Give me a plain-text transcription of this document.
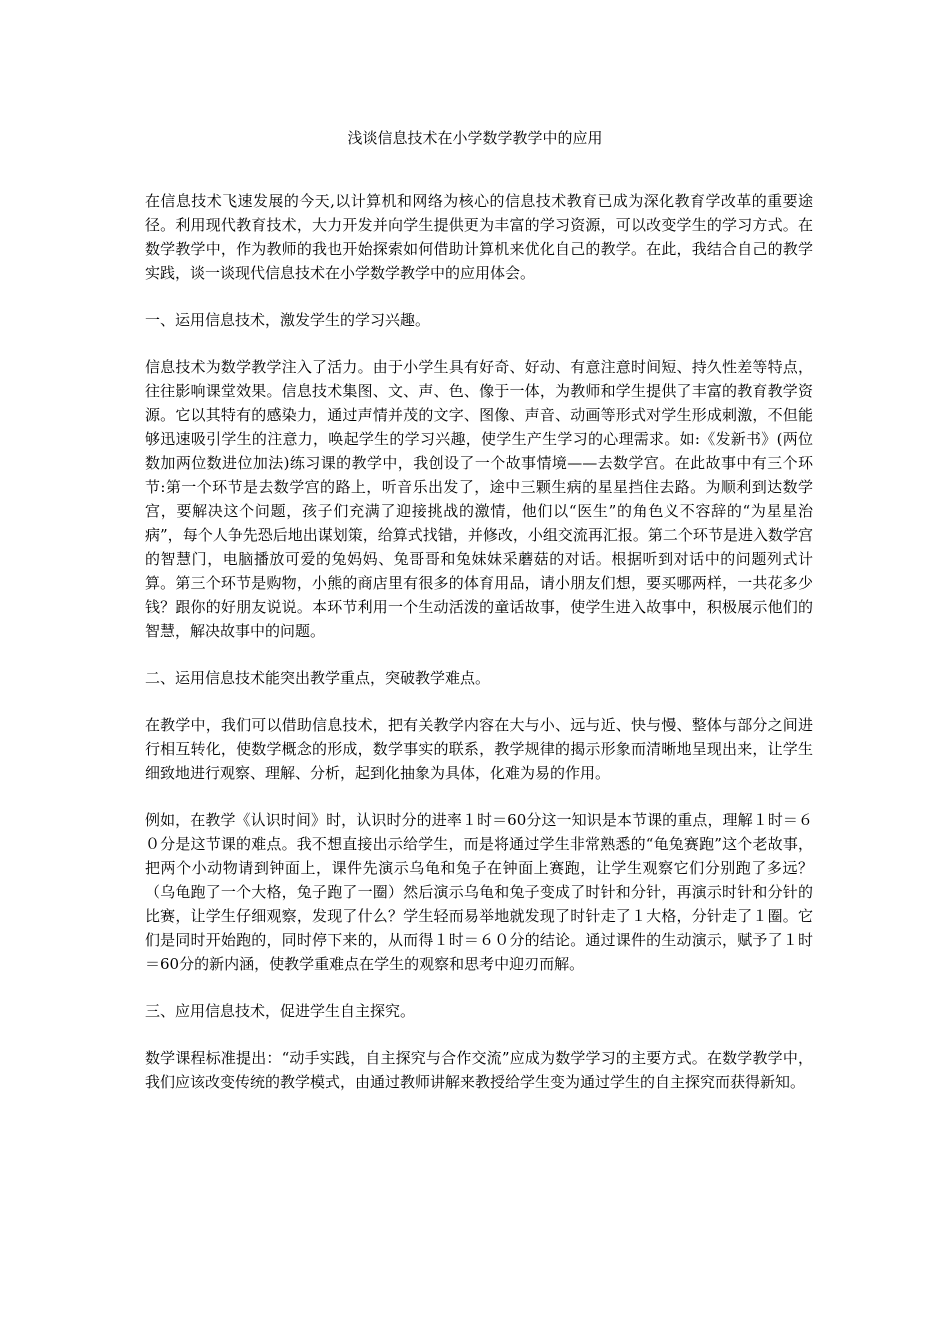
浅谈信息技术在小学数学教学中的应用

在信息技术飞速发展的今天,以计算机和网络为核心的信息技术教育已成为深化教育学改革的重要途径。利用现代教育技术，大力开发并向学生提供更为丰富的学习资源，可以改变学生的学习方式。在数学教学中，作为教师的我也开始探索如何借助计算机来优化自己的教学。在此，我结合自己的教学实践，谈一谈现代信息技术在小学数学教学中的应用体会。

一、运用信息技术，激发学生的学习兴趣。

信息技术为数学教学注入了活力。由于小学生具有好奇、好动、有意注意时间短、持久性差等特点，往往影响课堂效果。信息技术集图、文、声、色、像于一体，为教师和学生提供了丰富的教育教学资源。它以其特有的感染力，通过声情并茂的文字、图像、声音、动画等形式对学生形成刺激，不但能够迅速吸引学生的注意力，唤起学生的学习兴趣，使学生产生学习的心理需求。如:《发新书》(两位数加两位数进位加法)练习课的教学中，我创设了一个故事情境——去数学宫。在此故事中有三个环节:第一个环节是去数学宫的路上，听音乐出发了，途中三颗生病的星星挡住去路。为顺利到达数学宫，要解决这个问题，孩子们充满了迎接挑战的激情，他们以“医生”的角色义不容辞的“为星星治病”，每个人争先恐后地出谋划策，给算式找错，并修改，小组交流再汇报。第二个环节是进入数学宫的智慧门，电脑播放可爱的兔妈妈、兔哥哥和兔妹妹采蘑菇的对话。根据听到对话中的问题列式计算。第三个环节是购物，小熊的商店里有很多的体育用品，请小朋友们想，要买哪两样，一共花多少钱？跟你的好朋友说说。本环节利用一个生动活泼的童话故事，使学生进入故事中，积极展示他们的智慧，解决故事中的问题。

二、运用信息技术能突出教学重点，突破教学难点。

在教学中，我们可以借助信息技术，把有关教学内容在大与小、远与近、快与慢、整体与部分之间进行相互转化，使数学概念的形成，数学事实的联系，教学规律的揭示形象而清晰地呈现出来，让学生细致地进行观察、理解、分析，起到化抽象为具体，化难为易的作用。

例如，在教学《认识时间》时，认识时分的进率１时＝60分这一知识是本节课的重点，理解１时＝６０分是这节课的难点。我不想直接出示给学生，而是将通过学生非常熟悉的“龟兔赛跑”这个老故事，把两个小动物请到钟面上，课件先演示乌龟和兔子在钟面上赛跑，让学生观察它们分别跑了多远？（乌龟跑了一个大格，兔子跑了一圈）然后演示乌龟和兔子变成了时针和分针，再演示时针和分针的比赛，让学生仔细观察，发现了什么？学生轻而易举地就发现了时针走了１大格，分针走了１圈。它们是同时开始跑的，同时停下来的，从而得１时＝６０分的结论。通过课件的生动演示，赋予了１时＝60分的新内涵，使教学重难点在学生的观察和思考中迎刃而解。

三、应用信息技术，促进学生自主探究。

数学课程标准提出：“动手实践，自主探究与合作交流”应成为数学学习的主要方式。在数学教学中，我们应该改变传统的教学模式，由通过教师讲解来教授给学生变为通过学生的自主探究而获得新知。
